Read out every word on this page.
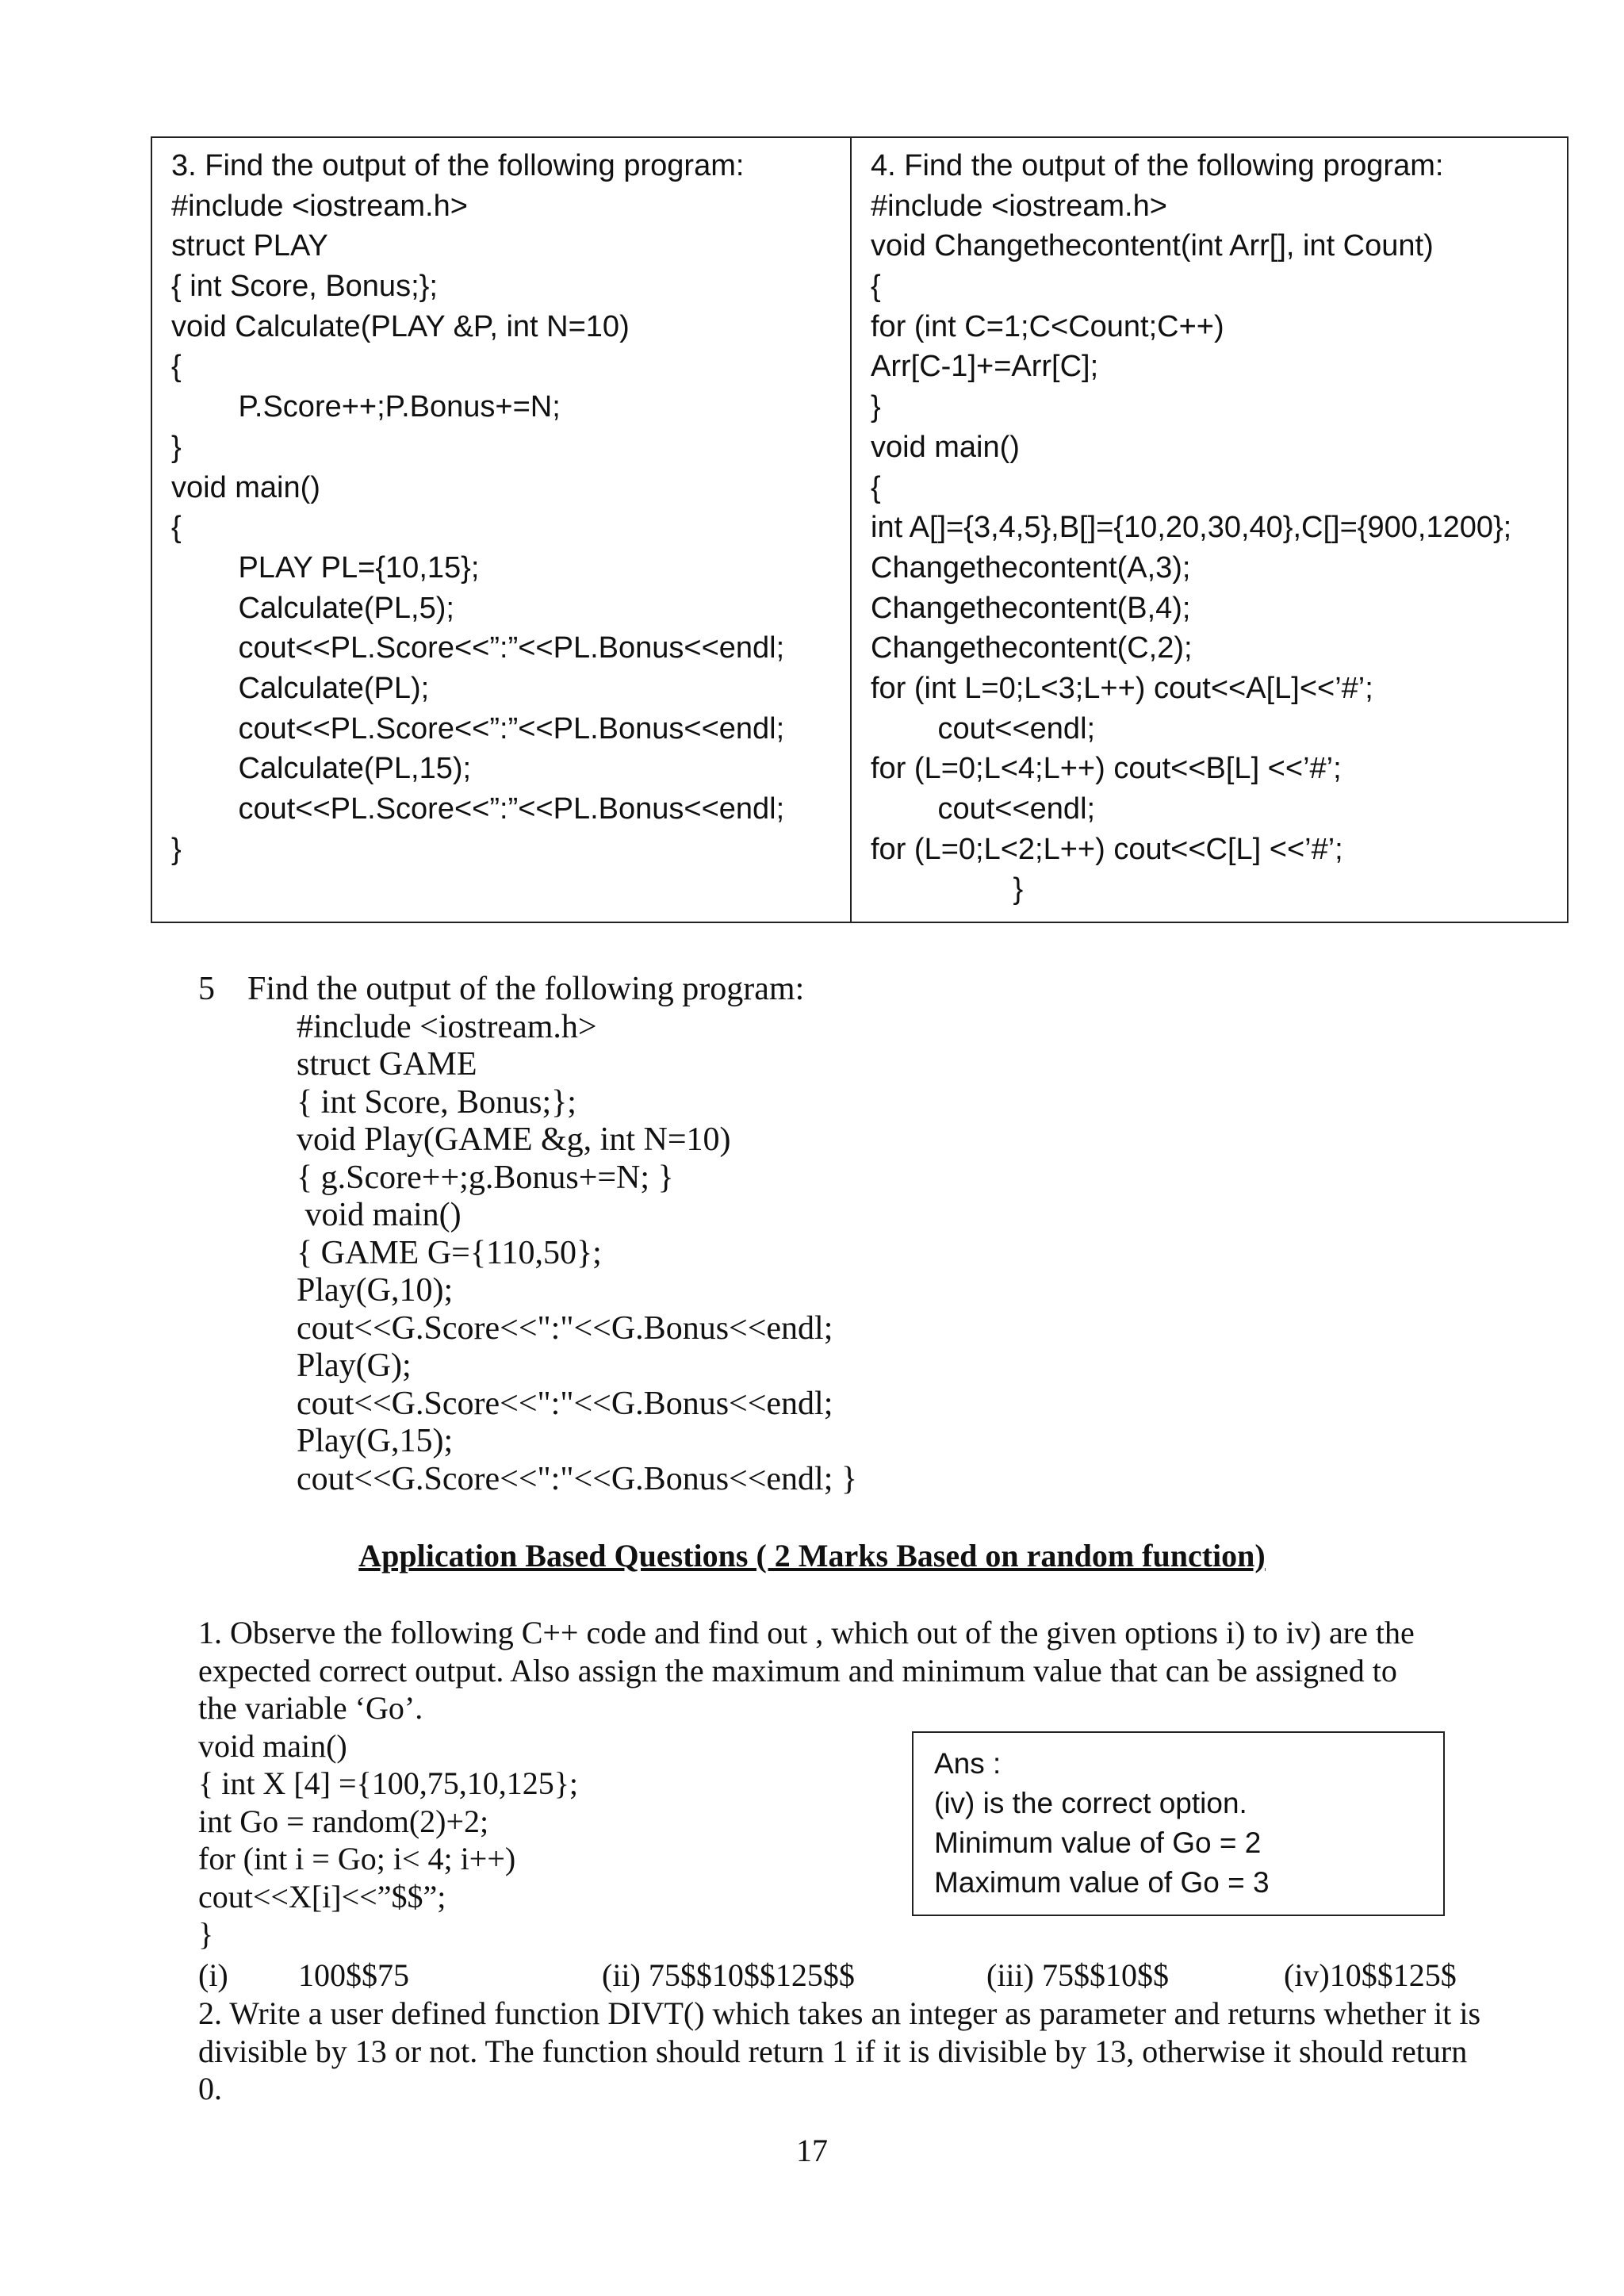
3. Find the output of the following program:
#include <iostream.h>
struct PLAY
{ int Score, Bonus;};
void Calculate(PLAY &P, int N=10)
{
P.Score++;P.Bonus+=N;
}
void main()
{
PLAY PL={10,15};
Calculate(PL,5);
cout<<PL.Score<<”:”<<PL.Bonus<<endl;
Calculate(PL);
cout<<PL.Score<<”:”<<PL.Bonus<<endl;
Calculate(PL,15);
cout<<PL.Score<<”:”<<PL.Bonus<<endl;
}
4. Find the output of the following program:
#include <iostream.h>
void Changethecontent(int Arr[], int Count)
{
for (int C=1;C<Count;C++)
Arr[C-1]+=Arr[C];
}
void main()
{
int A[]={3,4,5},B[]={10,20,30,40},C[]={900,1200};
Changethecontent(A,3);
Changethecontent(B,4);
Changethecontent(C,2);
for (int L=0;L<3;L++) cout<<A[L]<<’#’;
cout<<endl;
for (L=0;L<4;L++) cout<<B[L] <<’#’;
cout<<endl;
for (L=0;L<2;L++) cout<<C[L] <<’#’;
}
5 Find the output of the following program:
#include <iostream.h>
struct GAME
{ int Score, Bonus;};
void Play(GAME &g, int N=10)
{ g.Score++;g.Bonus+=N; }
void main()
{ GAME G={110,50};
Play(G,10);
cout<<G.Score<<":"<<G.Bonus<<endl;
Play(G);
cout<<G.Score<<":"<<G.Bonus<<endl;
Play(G,15);
cout<<G.Score<<":"<<G.Bonus<<endl; }
Application Based Questions ( 2 Marks Based on random function)
1. Observe the following C++ code and find out , which out of the given options i) to iv) are the
expected correct output. Also assign the maximum and minimum value that can be assigned to
the variable ‘Go’.
void main()
{ int X [4] ={100,75,10,125};
int Go = random(2)+2;
for (int i = Go; i< 4; i++)
cout<<X[i]<<”$$”;
}
Ans :
(iv) is the correct option.
Minimum value of Go = 2
Maximum value of Go = 3
(i) 100$$75	(ii) 75$$10$$125$$	(iii) 75$$10$$	(iv)10$$125$
2. Write a user defined function DIVT() which takes an integer as parameter and returns whether it is
divisible by 13 or not. The function should return 1 if it is divisible by 13, otherwise it should return
0.
17
